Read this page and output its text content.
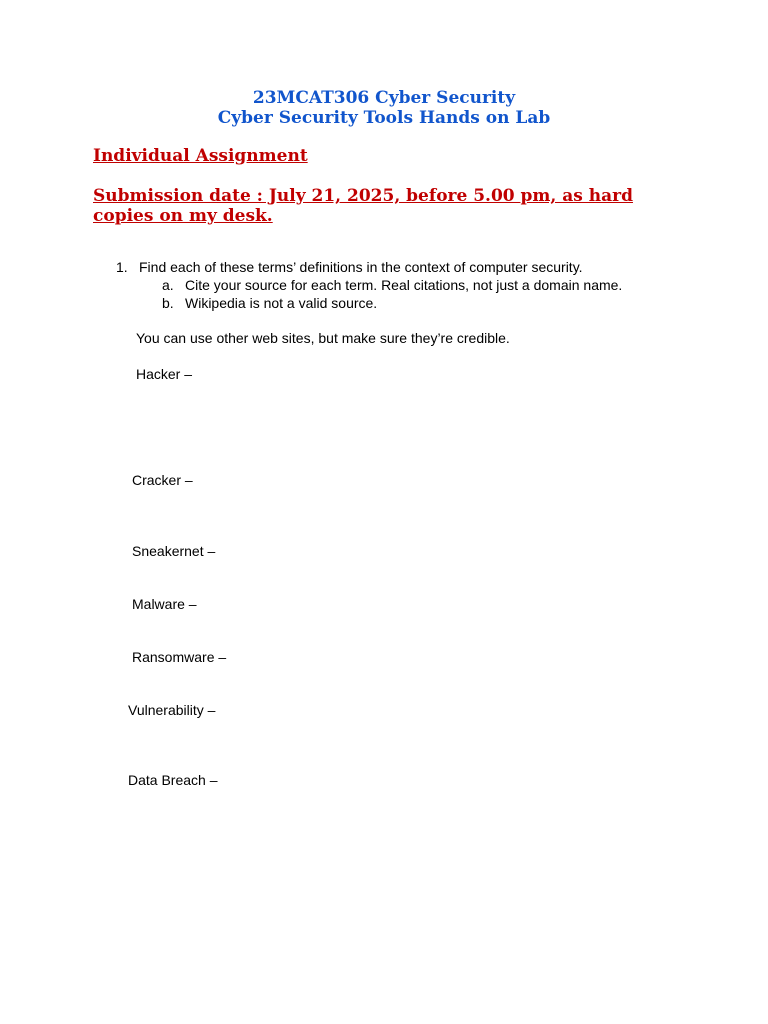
23MCAT306 Cyber Security
Cyber Security Tools Hands on Lab
Individual Assignment
Submission date : July 21, 2025, before 5.00 pm, as hard
copies on my desk.
1. Find each of these terms’ definitions in the context of computer security.
a. Cite your source for each term. Real citations, not just a domain name.
b. Wikipedia is not a valid source.
You can use other web sites, but make sure they’re credible.
Hacker –
Cracker –
Sneakernet –
Malware –
Ransomware –
Vulnerability –
Data Breach –
